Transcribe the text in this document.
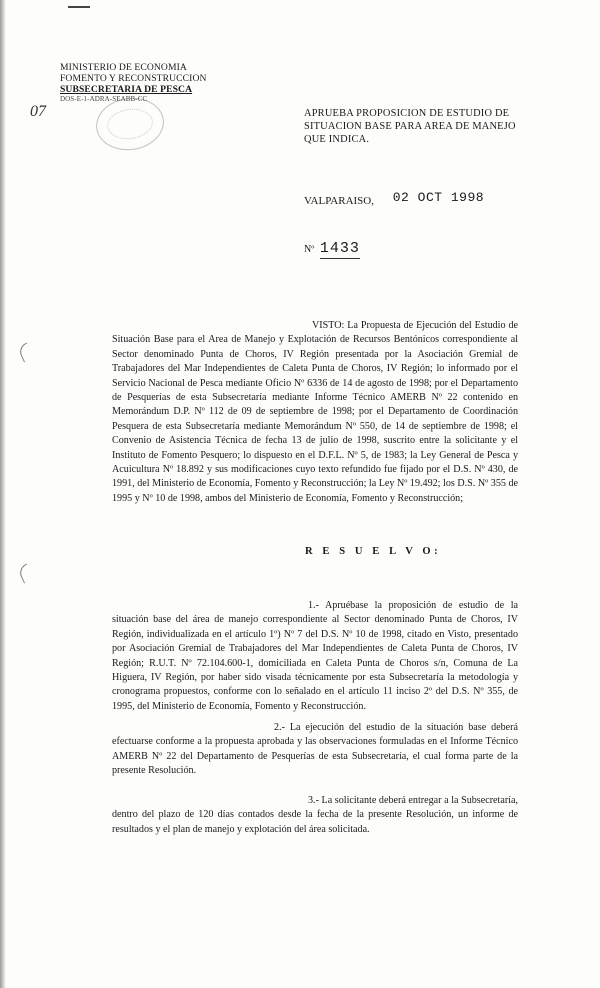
MINISTERIO DE ECONOMIA
FOMENTO Y RECONSTRUCCION
SUBSECRETARIA DE PESCA
DOS-E-1-ADRA-SEABB-CC
07	APRUEBA PROPOSICION DE ESTUDIO DE SITUACION BASE PARA AREA DE MANEJO QUE INDICA.
VALPARAISO, 02 OCT 1998
Nº 1433
VISTO: La Propuesta de Ejecución del Estudio de Situación Base para el Area de Manejo y Explotación de Recursos Bentónicos correspondiente al Sector denominado Punta de Choros, IV Región presentada por la Asociación Gremial de Trabajadores del Mar Independientes de Caleta Punta de Choros, IV Región; lo informado por el Servicio Nacional de Pesca mediante Oficio Nº 6336 de 14 de agosto de 1998; por el Departamento de Pesquerías de esta Subsecretaría mediante Informe Técnico AMERB Nº 22 contenido en Memorándum D.P. Nº 112 de 09 de septiembre de 1998; por el Departamento de Coordinación Pesquera de esta Subsecretaría mediante Memorándum Nº 550, de 14 de septiembre de 1998; el Convenio de Asistencia Técnica de fecha 13 de julio de 1998, suscrito entre la solicitante y el Instituto de Fomento Pesquero; lo dispuesto en el D.F.L. Nº 5, de 1983; la Ley General de Pesca y Acuicultura Nº 18.892 y sus modificaciones cuyo texto refundido fue fijado por el D.S. Nº 430, de 1991, del Ministerio de Economía, Fomento y Reconstrucción; la Ley Nº 19.492; los D.S. Nº 355 de 1995 y Nº 10 de 1998, ambos del Ministerio de Economía, Fomento y Reconstrucción;
R E S U E L V O:
1.- Apruébase la proposición de estudio de la situación base del área de manejo correspondiente al Sector denominado Punta de Choros, IV Región, individualizada en el artículo 1º) Nº 7 del D.S. Nº 10 de 1998, citado en Visto, presentado por Asociación Gremial de Trabajadores del Mar Independientes de Caleta Punta de Choros, IV Región; R.U.T. Nº 72.104.600-1, domiciliada en Caleta Punta de Choros s/n, Comuna de La Higuera, IV Región, por haber sido visada técnicamente por esta Subsecretaría la metodología y cronograma propuestos, conforme con lo señalado en el artículo 11 inciso 2º del D.S. Nº 355, de 1995, del Ministerio de Economía, Fomento y Reconstrucción.
2.- La ejecución del estudio de la situación base deberá efectuarse conforme a la propuesta aprobada y las observaciones formuladas en el Informe Técnico AMERB Nº 22 del Departamento de Pesquerías de esta Subsecretaría, el cual forma parte de la presente Resolución.
3.- La solicitante deberá entregar a la Subsecretaría, dentro del plazo de 120 días contados desde la fecha de la presente Resolución, un informe de resultados y el plan de manejo y explotación del área solicitada.
